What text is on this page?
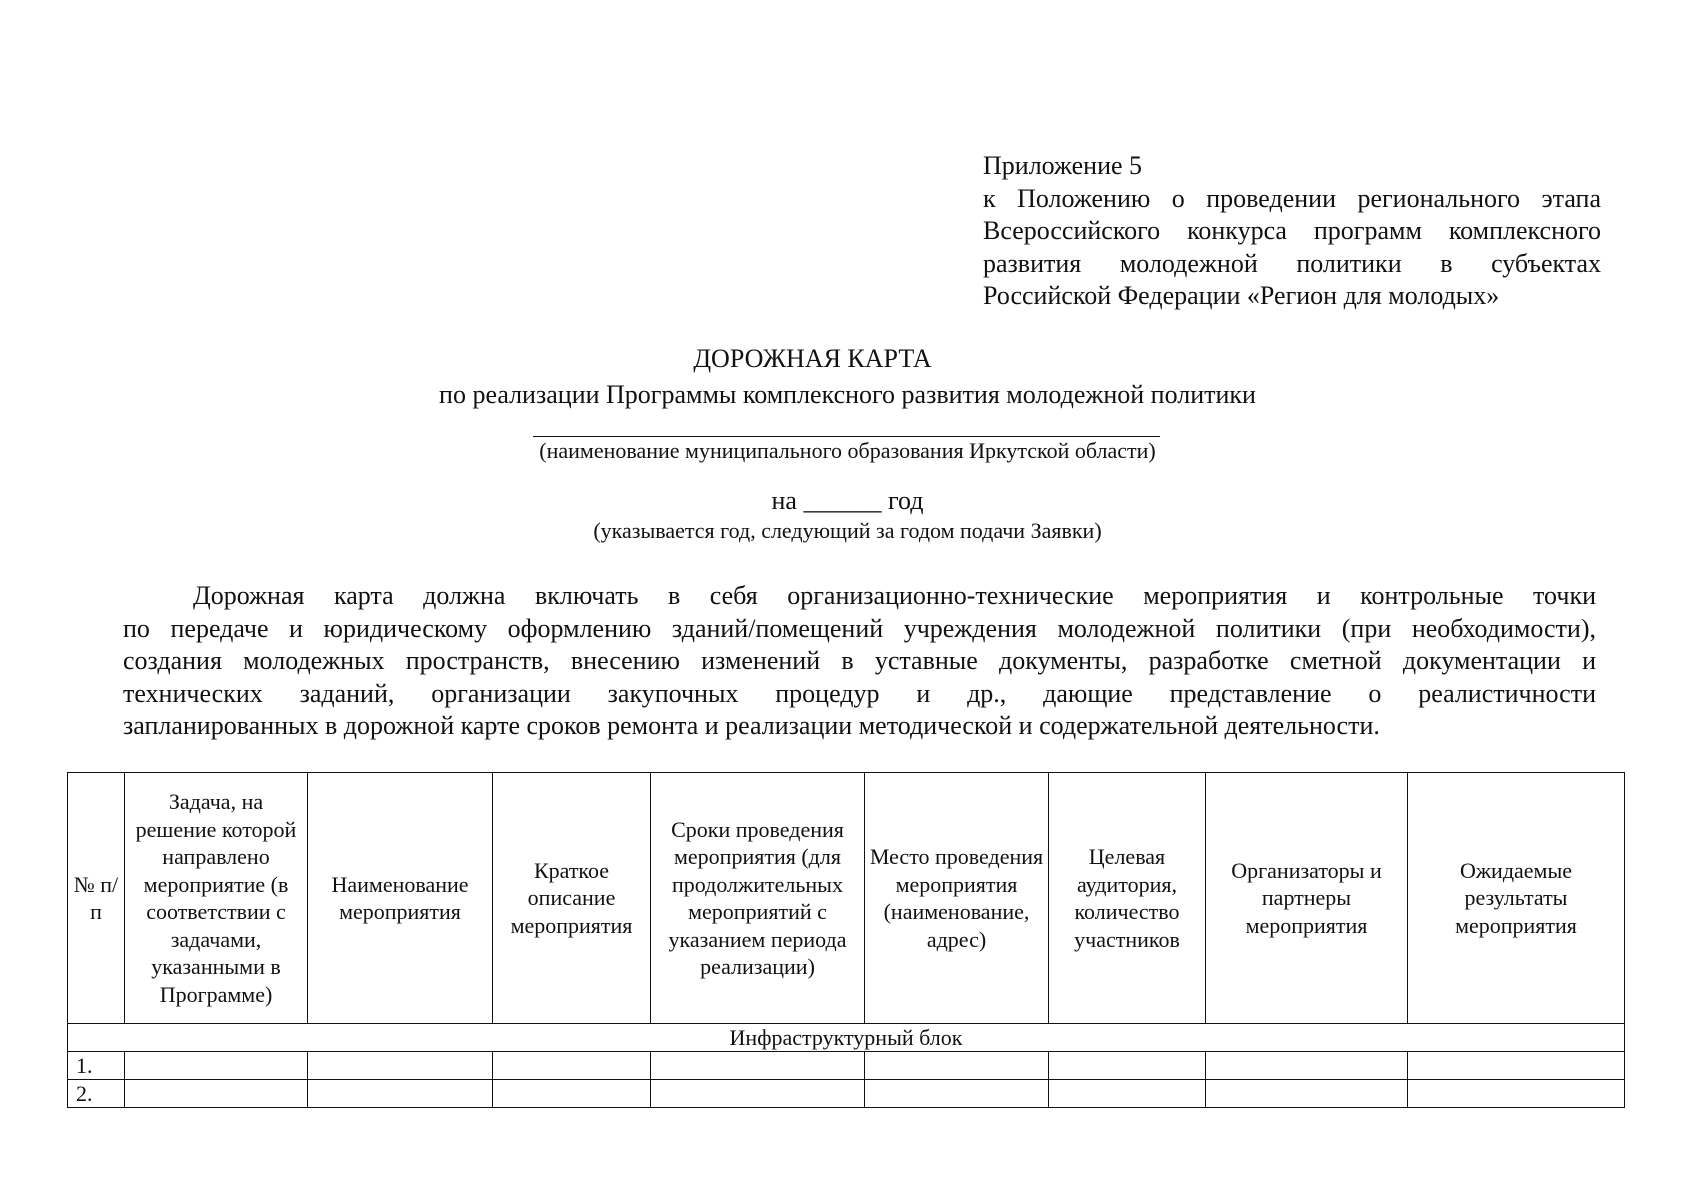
Приложение 5
к Положению о проведении регионального этапа
Всероссийского конкурса программ комплексного
развития молодежной политики в субъектах
Российской Федерации «Регион для молодых»
ДОРОЖНАЯ КАРТА
по реализации Программы комплексного развития молодежной политики
(наименование муниципального образования Иркутской области)
на ______ год
(указывается год, следующий за годом подачи Заявки)
Дорожная карта должна включать в себя организационно-технические мероприятия и контрольные точки
по передаче и юридическому оформлению зданий/помещений учреждения молодежной политики (при необходимости),
создания молодежных пространств, внесению изменений в уставные документы, разработке сметной документации и
технических заданий, организации закупочных процедур и др., дающие представление о реалистичности
запланированных в дорожной карте сроков ремонта и реализации методической и содержательной деятельности.
№ п/п	Задача, на решение которой направлено мероприятие (в соответствии с задачами, указанными в Программе)	Наименование мероприятия	Краткое описание мероприятия	Сроки проведения мероприятия (для продолжительных мероприятий с указанием периода реализации)	Место проведения мероприятия (наименование, адрес)	Целевая аудитория, количество участников	Организаторы и партнеры мероприятия	Ожидаемые результаты мероприятия

Инфраструктурный блок								
1.								
2.								
